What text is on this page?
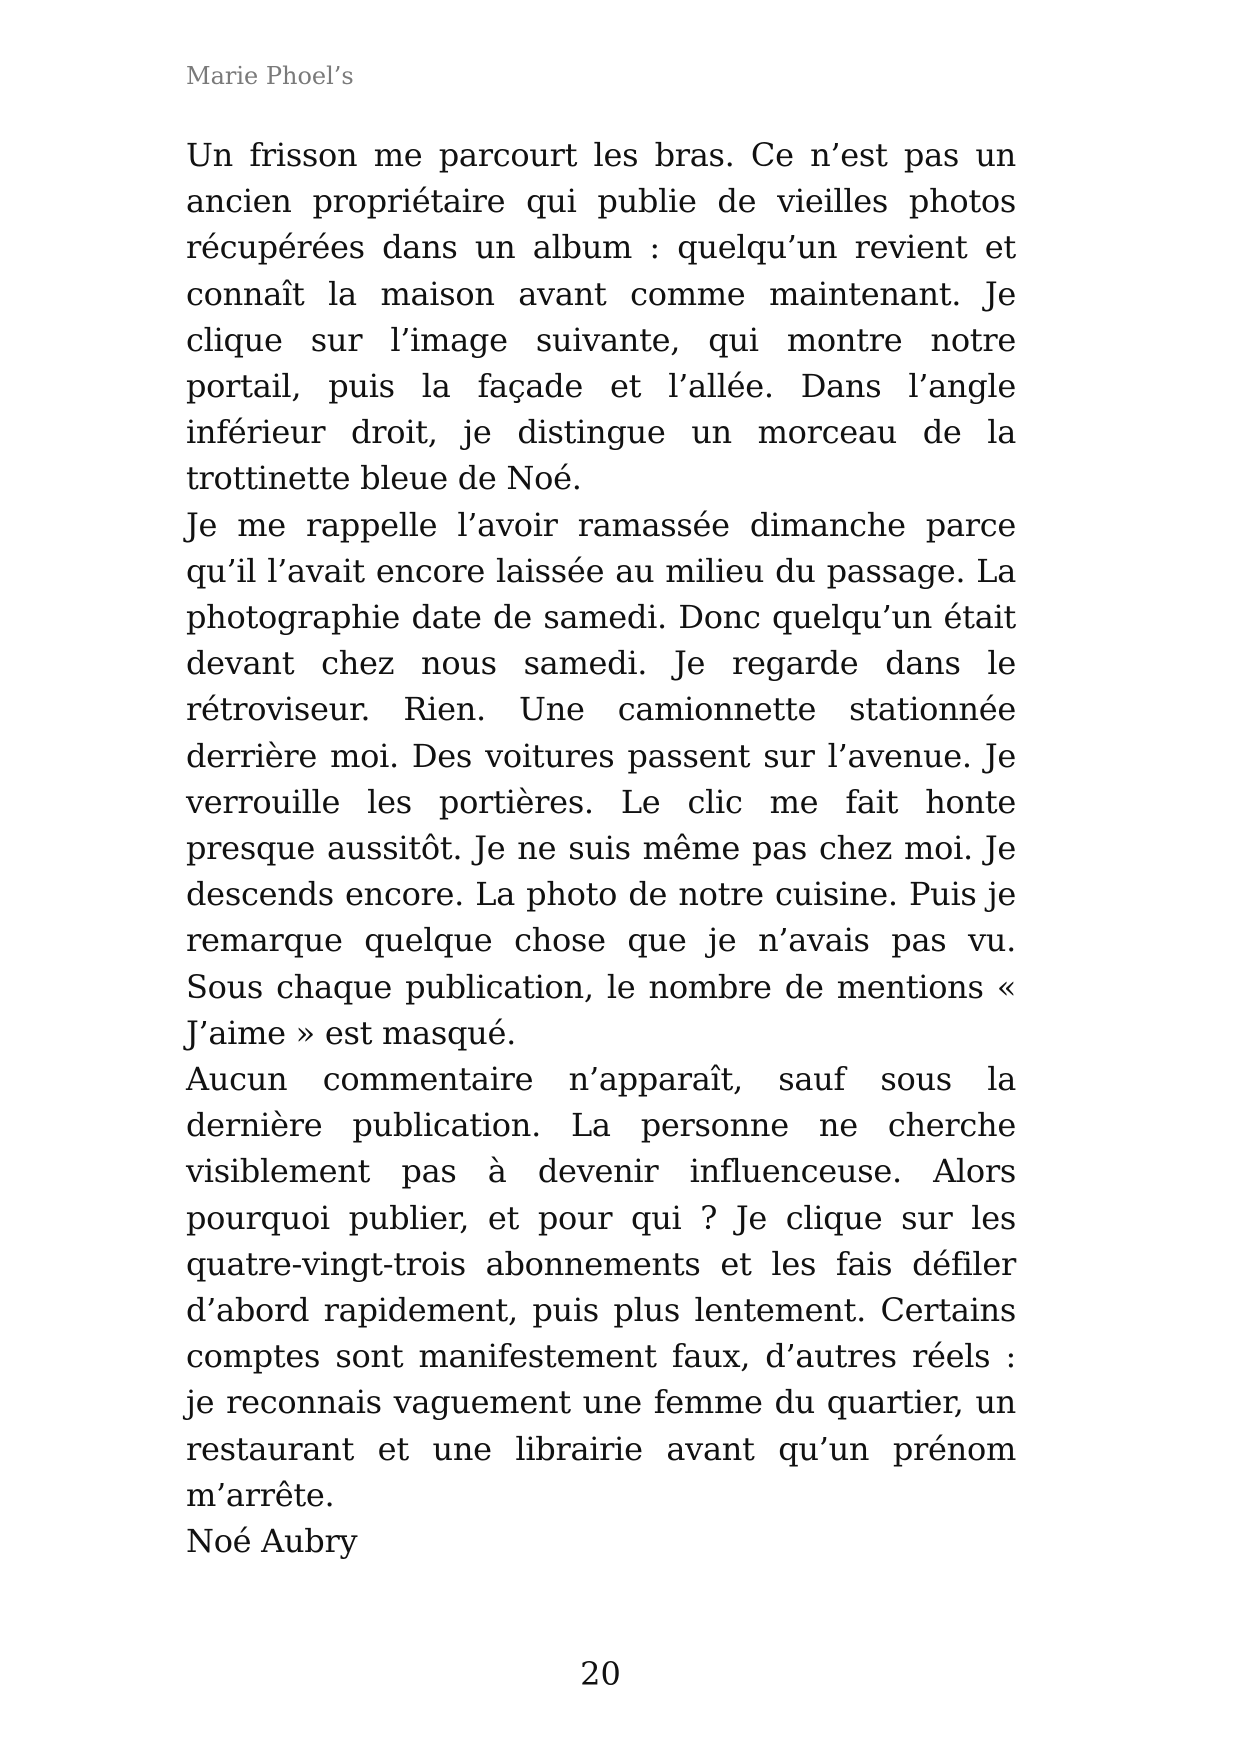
Marie Phoel’s

Un frisson me parcourt les bras. Ce n’est pas un ancien propriétaire qui publie de vieilles photos récupérées dans un album : quelqu’un revient et connaît la maison avant comme maintenant. Je clique sur l’image suivante, qui montre notre portail, puis la façade et l’allée. Dans l’angle inférieur droit, je distingue un morceau de la trottinette bleue de Noé.

Je me rappelle l’avoir ramassée dimanche parce qu’il l’avait encore laissée au milieu du passage. La photographie date de samedi. Donc quelqu’un était devant chez nous samedi. Je regarde dans le rétroviseur. Rien. Une camionnette stationnée derrière moi. Des voitures passent sur l’avenue. Je verrouille les portières. Le clic me fait honte presque aussitôt. Je ne suis même pas chez moi. Je descends encore. La photo de notre cuisine. Puis je remarque quelque chose que je n’avais pas vu. Sous chaque publication, le nombre de mentions « J’aime » est masqué.

Aucun commentaire n’apparaît, sauf sous la dernière publication. La personne ne cherche visiblement pas à devenir influenceuse. Alors pourquoi publier, et pour qui ? Je clique sur les quatre-vingt-trois abonnements et les fais défiler d’abord rapidement, puis plus lentement. Certains comptes sont manifestement faux, d’autres réels : je reconnais vaguement une femme du quartier, un restaurant et une librairie avant qu’un prénom m’arrête.

Noé Aubry

20
